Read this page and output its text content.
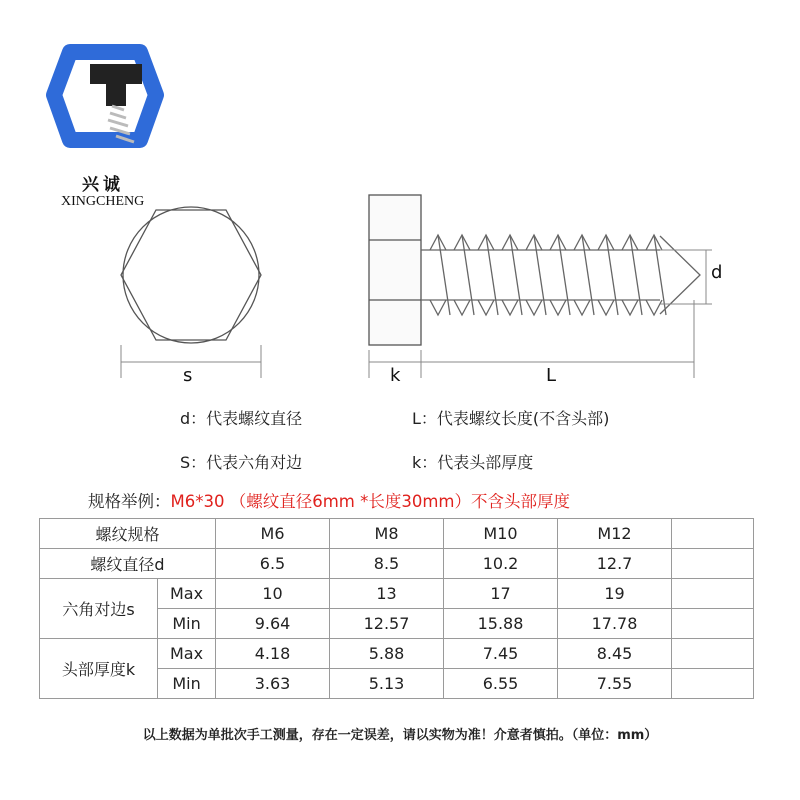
兴诚
XINGCHENG
s	k	L
d
d：代表螺纹直径	L：代表螺纹长度(不含头部)
S：代表六角对边	k：代表头部厚度
规格举例：M6*30 （螺纹直径6mm *长度30mm）不含头部厚度
螺纹规格		M6	M8	M10	M12	
螺纹直径d		6.5	8.5	10.2	12.7	
六角对边s	Max	10	13	17	19	
	Min	9.64	12.57	15.88	17.78	
头部厚度k	Max	4.18	5.88	7.45	8.45	
	Min	3.63	5.13	6.55	7.55	
以上数据为单批次手工测量，存在一定误差，请以实物为准！介意者慎拍。（单位：mm）
